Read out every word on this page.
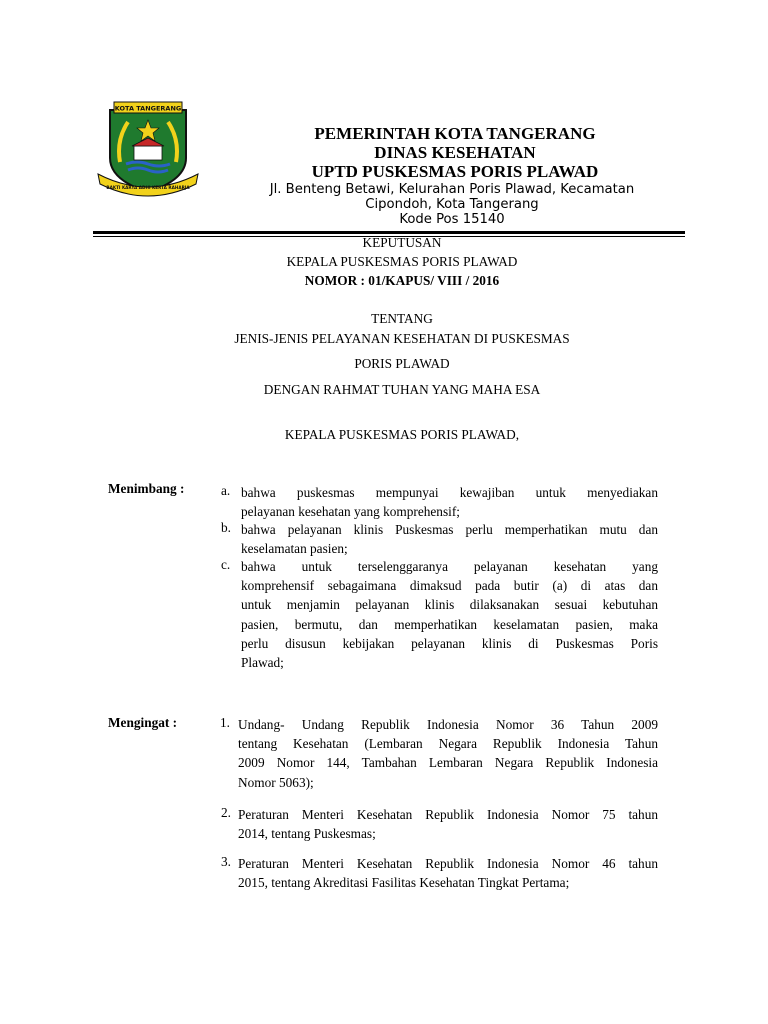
KOTA TANGERANG
BAKTI KARYA ADHI KERTA RAHARJA
PEMERINTAH KOTA TANGERANG
DINAS KESEHATAN
UPTD PUSKESMAS PORIS PLAWAD
Jl. Benteng Betawi, Kelurahan Poris Plawad, Kecamatan
Cipondoh, Kota Tangerang
Kode Pos 15140
KEPUTUSAN
KEPALA PUSKESMAS PORIS PLAWAD
NOMOR : 01/KAPUS/ VIII / 2016
TENTANG
JENIS-JENIS PELAYANAN KESEHATAN DI PUSKESMAS
PORIS PLAWAD
DENGAN RAHMAT TUHAN YANG MAHA ESA
KEPALA PUSKESMAS PORIS PLAWAD,
Menimbang :	a. bahwa puskesmas mempunyai kewajiban untuk menyediakan
pelayanan kesehatan yang komprehensif;
b. bahwa pelayanan klinis Puskesmas perlu memperhatikan mutu dan
keselamatan pasien;
c. bahwa untuk terselenggaranya pelayanan kesehatan yang
komprehensif sebagaimana dimaksud pada butir (a) di atas dan
untuk menjamin pelayanan klinis dilaksanakan sesuai kebutuhan
pasien, bermutu, dan memperhatikan keselamatan pasien, maka
perlu disusun kebijakan pelayanan klinis di Puskesmas Poris
Plawad;
Mengingat :	1. Undang- Undang Republik Indonesia Nomor 36 Tahun 2009
tentang Kesehatan (Lembaran Negara Republik Indonesia Tahun
2009 Nomor 144, Tambahan Lembaran Negara Republik Indonesia
Nomor 5063);
2. Peraturan Menteri Kesehatan Republik Indonesia Nomor 75 tahun
2014, tentang Puskesmas;
3. Peraturan Menteri Kesehatan Republik Indonesia Nomor 46 tahun
2015, tentang Akreditasi Fasilitas Kesehatan Tingkat Pertama;
